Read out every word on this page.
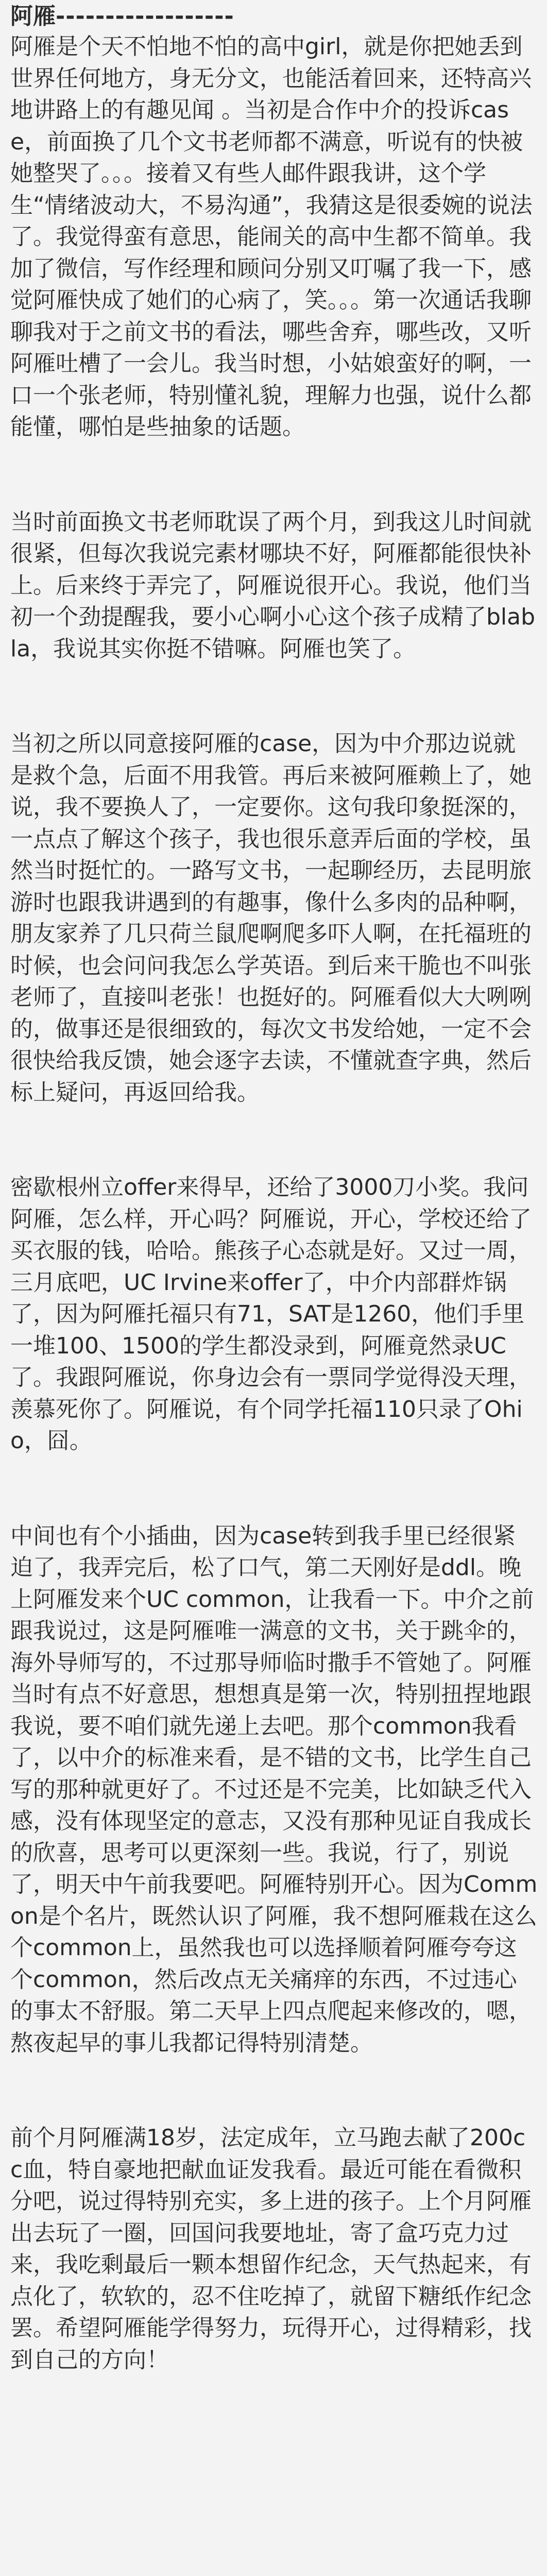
阿雁 ------------------

阿雁是个天不怕地不怕的高中girl，就是你把她丢到世界任何地方，身无分文，也能活着回来，还特高兴地讲路上的有趣见闻 。当初是合作中介的投诉case，前面换了几个文书老师都不满意，听说有的快被她整哭了。。。接着又有些人邮件跟我讲，这个学生“情绪波动大，不易沟通”，我猜这是很委婉的说法了。我觉得蛮有意思，能闹关的高中生都不简单。我加了微信，写作经理和顾问分别又叮嘱了我一下，感觉阿雁快成了她们的心病了，笑。。。第一次通话我聊聊我对于之前文书的看法，哪些舍弃，哪些改，又听阿雁吐槽了一会儿。我当时想，小姑娘蛮好的啊，一口一个张老师，特别懂礼貌，理解力也强，说什么都能懂，哪怕是些抽象的话题。

当时前面换文书老师耽误了两个月，到我这儿时间就很紧，但每次我说完素材哪块不好，阿雁都能很快补上。后来终于弄完了，阿雁说很开心。我说，他们当初一个劲提醒我，要小心啊小心这个孩子成精了blabla，我说其实你挺不错嘛。阿雁也笑了。

当初之所以同意接阿雁的case，因为中介那边说就是救个急，后面不用我管。再后来被阿雁赖上了，她说，我不要换人了，一定要你。这句我印象挺深的，一点点了解这个孩子，我也很乐意弄后面的学校，虽然当时挺忙的。一路写文书，一起聊经历，去昆明旅游时也跟我讲遇到的有趣事，像什么多肉的品种啊，朋友家养了几只荷兰鼠爬啊爬多吓人啊，在托福班的时候，也会问问我怎么学英语。到后来干脆也不叫张老师了，直接叫老张！也挺好的。阿雁看似大大咧咧的，做事还是很细致的，每次文书发给她，一定不会很快给我反馈，她会逐字去读，不懂就查字典，然后标上疑问，再返回给我。

密歇根州立offer来得早，还给了3000刀小奖。我问阿雁，怎么样，开心吗？阿雁说，开心，学校还给了买衣服的钱，哈哈。熊孩子心态就是好。又过一周，三月底吧，UC Irvine来offer了，中介内部群炸锅了，因为阿雁托福只有71，SAT是1260，他们手里一堆100、1500的学生都没录到，阿雁竟然录UC了。我跟阿雁说，你身边会有一票同学觉得没天理，羡慕死你了。阿雁说，有个同学托福110只录了Ohio，囧。

中间也有个小插曲，因为case转到我手里已经很紧迫了，我弄完后，松了口气，第二天刚好是ddl。晚上阿雁发来个UC common，让我看一下。中介之前跟我说过，这是阿雁唯一满意的文书，关于跳伞的，海外导师写的，不过那导师临时撒手不管她了。阿雁当时有点不好意思，想想真是第一次，特别扭捏地跟我说，要不咱们就先递上去吧。那个common我看了，以中介的标准来看，是不错的文书，比学生自己写的那种就更好了。不过还是不完美，比如缺乏代入感，没有体现坚定的意志，又没有那种见证自我成长的欣喜，思考可以更深刻一些。我说，行了，别说了，明天中午前我要吧。阿雁特别开心。因为Common是个名片，既然认识了阿雁，我不想阿雁栽在这么个common上，虽然我也可以选择顺着阿雁夸夸这个common，然后改点无关痛痒的东西，不过违心的事太不舒服。第二天早上四点爬起来修改的，嗯，熬夜起早的事儿我都记得特别清楚。

前个月阿雁满18岁，法定成年，立马跑去献了200cc血，特自豪地把献血证发我看。最近可能在看微积分吧，说过得特别充实，多上进的孩子。上个月阿雁出去玩了一圈，回国问我要地址，寄了盒巧克力过来，我吃剩最后一颗本想留作纪念，天气热起来，有点化了，软软的，忍不住吃掉了，就留下糖纸作纪念罢。希望阿雁能学得努力，玩得开心，过得精彩，找到自己的方向！
